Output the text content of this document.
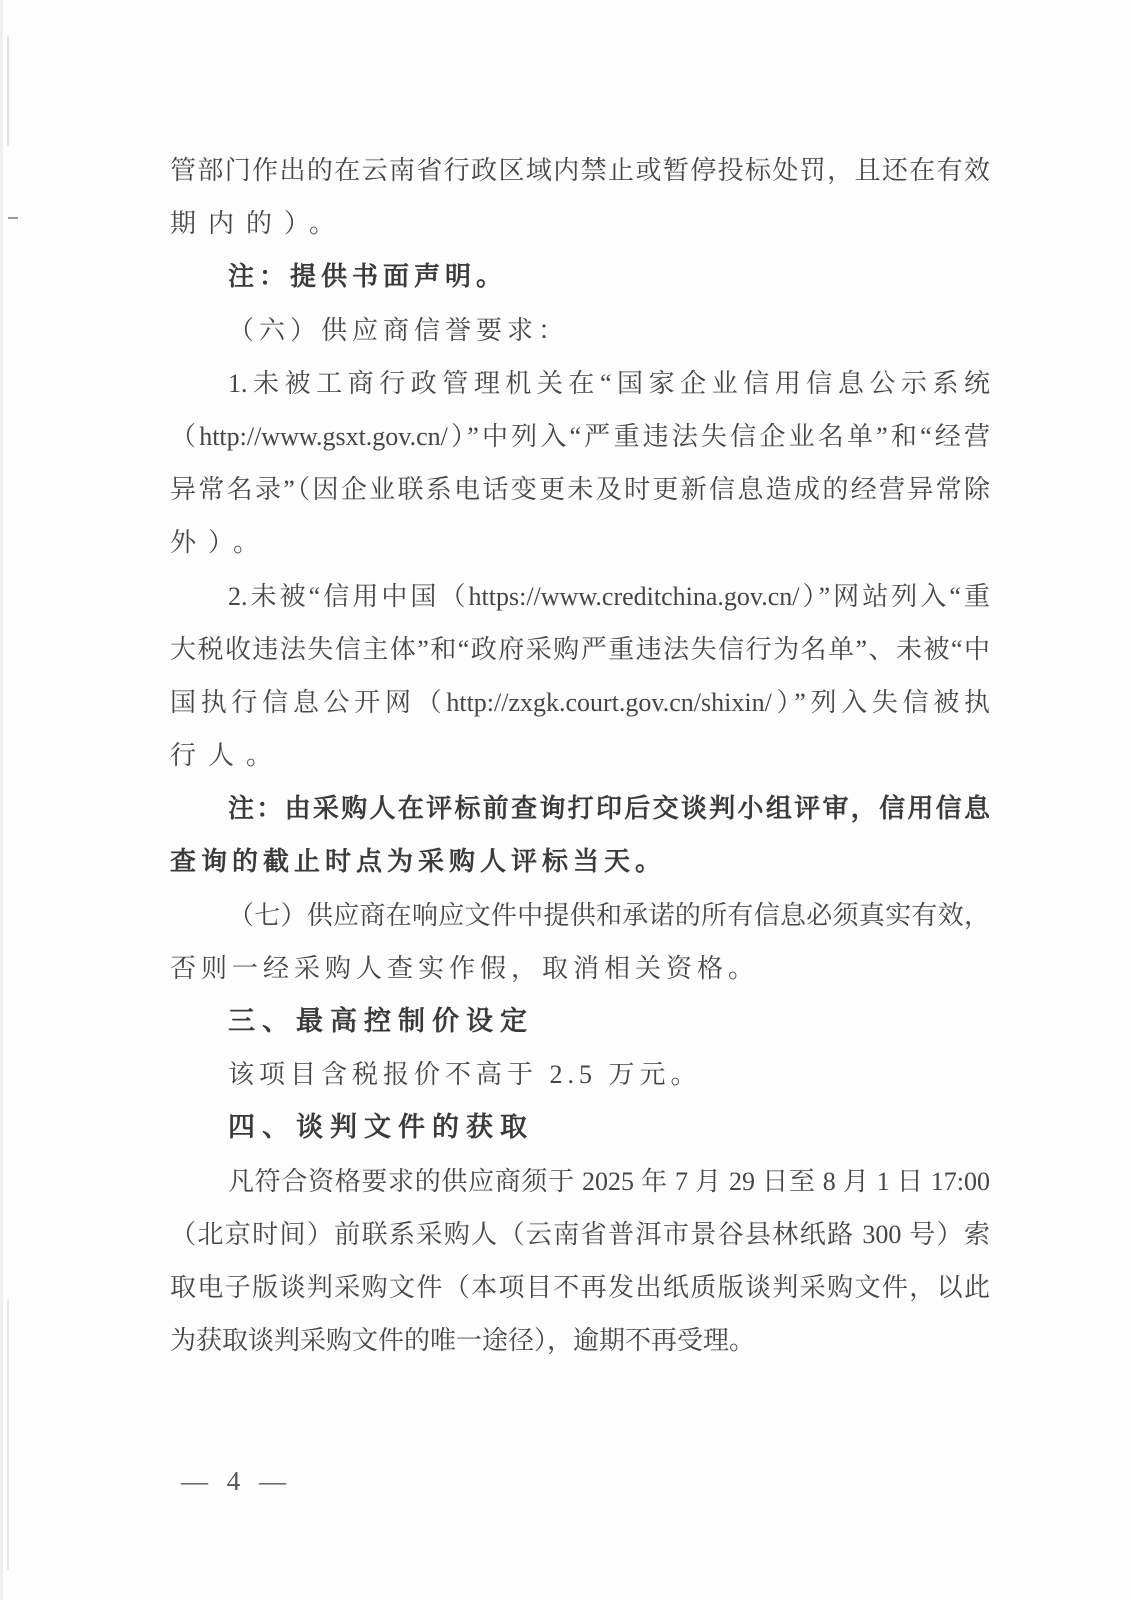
管部门作出的在云南省行政区域内禁止或暂停投标处罚，且还在有效
期内的）。
注：提供书面声明。
（六）供应商信誉要求：
1.未被工商行政管理机关在“国家企业信用信息公示系统
（http://www.gsxt.gov.cn/）”中列入“严重违法失信企业名单”和“经营
异常名录”（因企业联系电话变更未及时更新信息造成的经营异常除
外）。
2.未被“信用中国（https://www.creditchina.gov.cn/）”网站列入“重
大税收违法失信主体”和“政府采购严重违法失信行为名单”、未被“中
国执行信息公开网（http://zxgk.court.gov.cn/shixin/）”列入失信被执
行人。
注：由采购人在评标前查询打印后交谈判小组评审，信用信息
查询的截止时点为采购人评标当天。
（七）供应商在响应文件中提供和承诺的所有信息必须真实有效，
否则一经采购人查实作假，取消相关资格。
三、最高控制价设定
该项目含税报价不高于 2.5 万元。
四、谈判文件的获取
凡符合资格要求的供应商须于 2025 年 7 月 29 日至 8 月 1 日 17:00
（北京时间）前联系采购人（云南省普洱市景谷县林纸路 300 号）索
取电子版谈判采购文件（本项目不再发出纸质版谈判采购文件，以此
为获取谈判采购文件的唯一途径），逾期不再受理。
— 4 —
